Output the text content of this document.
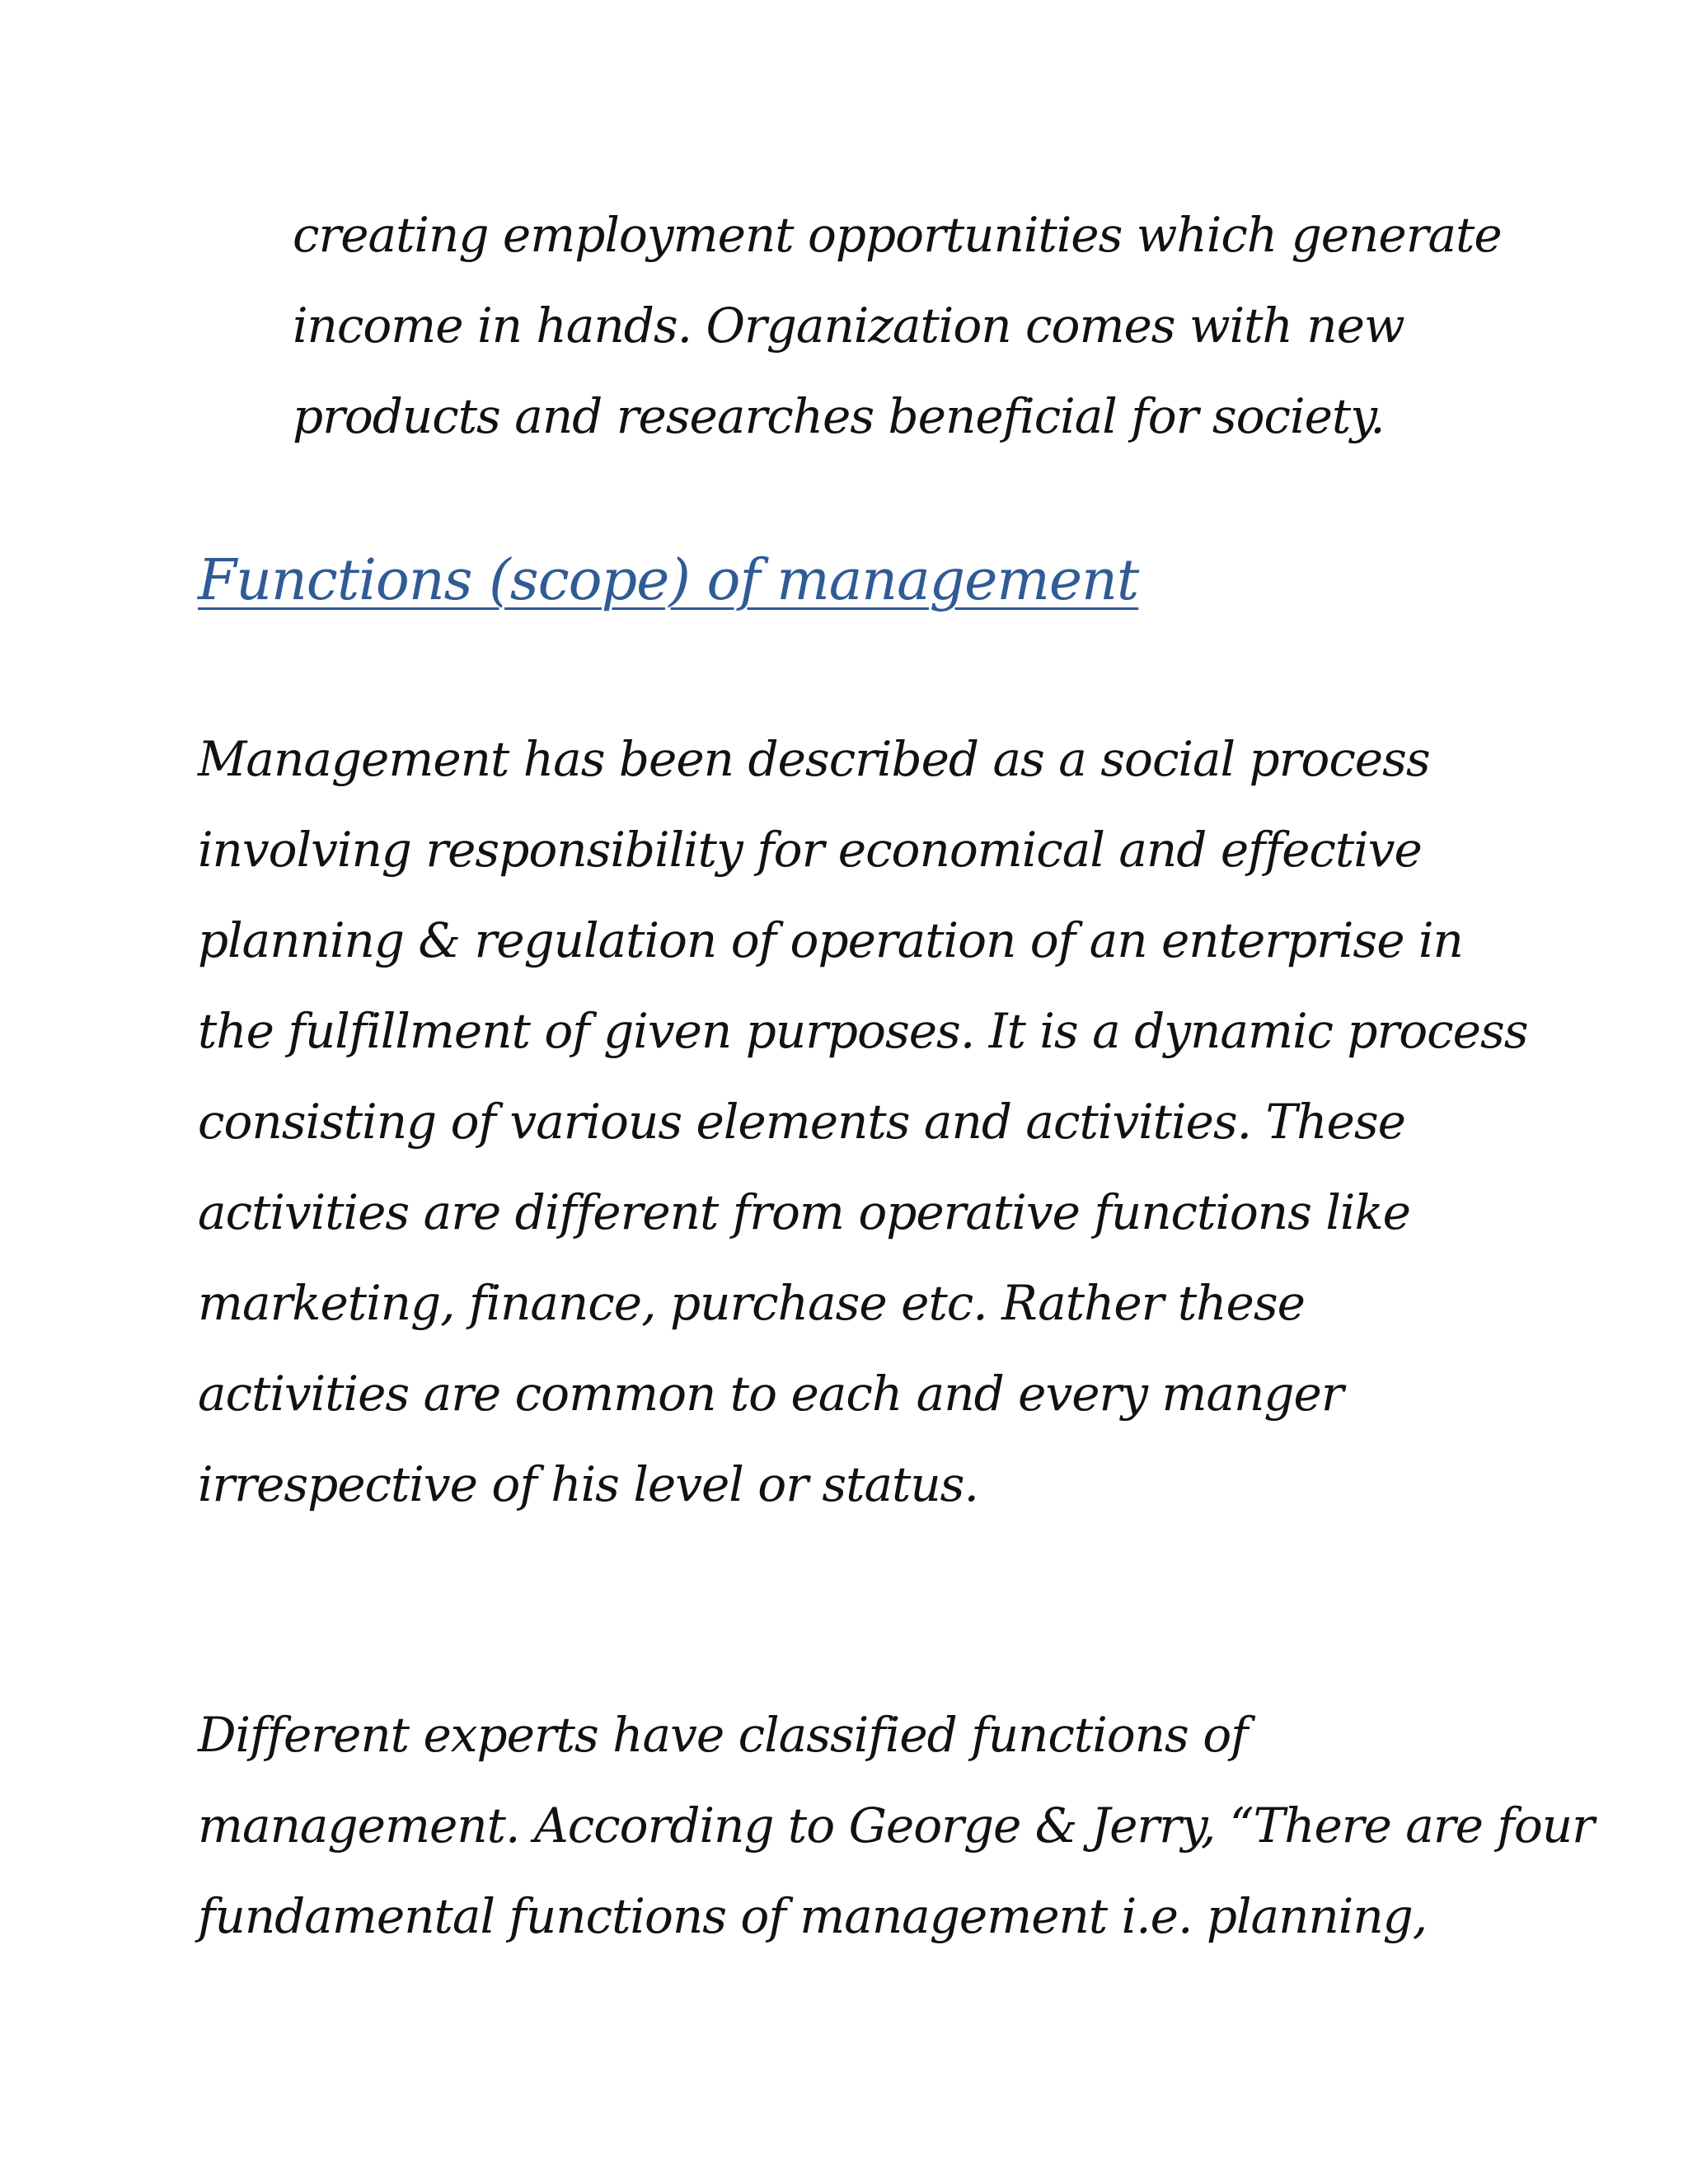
creating employment opportunities which generate
income in hands. Organization comes with new
products and researches beneficial for society.
Functions (scope) of management
Management has been described as a social process
involving responsibility for economical and effective
planning & regulation of operation of an enterprise in
the fulfillment of given purposes. It is a dynamic process
consisting of various elements and activities. These
activities are different from operative functions like
marketing, finance, purchase etc. Rather these
activities are common to each and every manger
irrespective of his level or status.
Different experts have classified functions of
management. According to George & Jerry, “There are four
fundamental functions of management i.e. planning,
